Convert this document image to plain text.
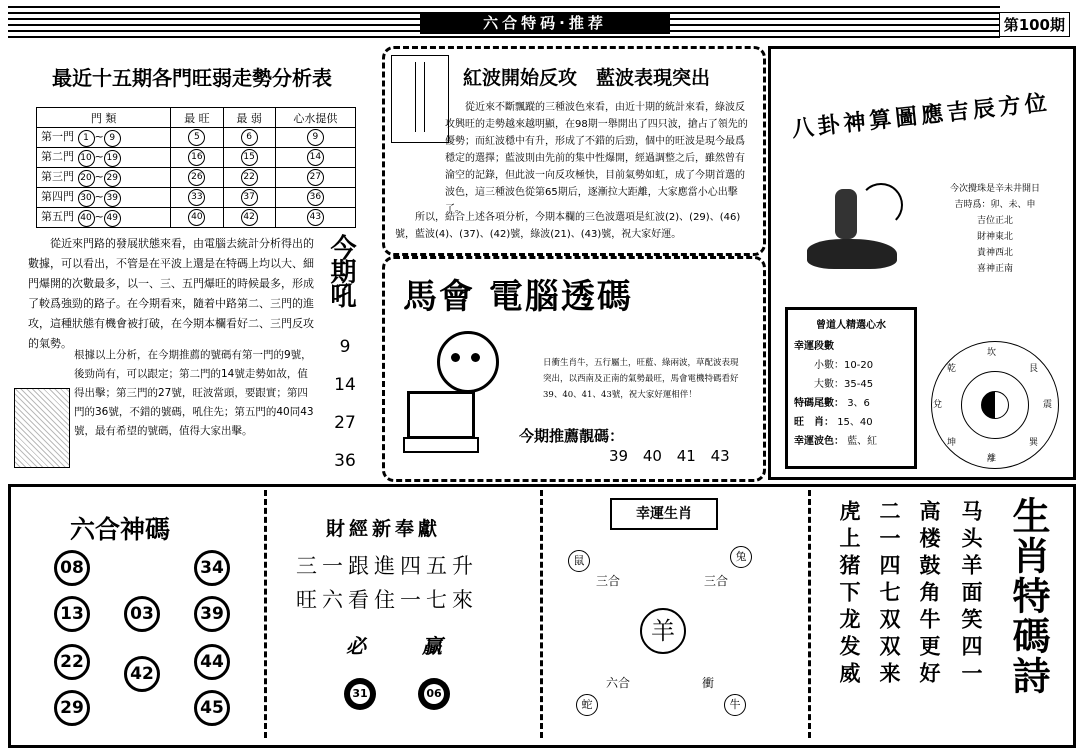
六合特码·推荐	第100期
最近十五期各門旺弱走勢分析表
門 類	最 旺	最 弱	心水提供
第一門 1 ~ 9	5	6	9
第二門 10 ~ 19	16	15	14
第三門 20 ~ 29	26	22	27
第四門 30 ~ 39	33	37	36
第五門 40 ~ 49	40	42	43
從近來門路的發展狀態來看，由電腦去統計分析得出的數據，可以看出，不管是在平波上還是在特碼上均以大、細門爆開的次數最多，以一、三、五門爆旺的時候最多，形成了較爲強勁的路子。在今期看來，隨着中路第二、三門的進攻，這種狀態有機會被打破，在今期本欄看好二、三門反攻的氣勢。
根據以上分析，在今期推薦的號碼有第一門的9號，後勁尚有，可以跟定；第二門的14號走勢如故，值得出擊；第三門的27號，旺波當頭，要跟實；第四門的36號，不錯的號碼，吼住先；第五門的40同43號，最有希望的號碼，值得大家出擊。
今期吼
9
14
27
36
紅波開始反攻　藍波表現突出
從近來不斷飄蹤的三種波色來看，由近十期的統計來看，綠波反攻興旺的走勢越來越明顯，在98期一舉開出了四只波，搶占了領先的優勢；而紅波穩中有升，形成了不錯的后勁，個中的旺波是現今最爲穩定的選擇；藍波則由先前的集中性爆開，經過調整之后，雖然曾有淪空的記錄，但此波一向反攻極快，目前氣勢如虹，成了今期首選的波色，這三種波色從第65期后，逐漸拉大距離，大家應當小心出擊了。
所以，結合上述各項分析，今期本欄的三色波選項是紅波(2)、(29)、(46)號，藍波(4)、(37)、(42)號，綠波(21)、(43)號，祝大家好運。
馬會 電腦透碼
日衝生肖牛，五行屬土，旺藍、綠兩波，草配波表現突出，以西南及正南的氣勢最旺，馬會電機特碼看好39、40、41、43號，祝大家好運相伴！
今期推薦靚碼：
39 40 41 43
八卦神算圖應吉辰方位
今次攪珠是辛未井開日
吉時爲：卯、未、申
吉位正北
財神東北
貴神西北
喜神正南
曾道人精選心水
幸運段數
小數：10-20
大數：35-45
特碼尾數： 3、6
旺　肖： 15、40
幸運波色： 藍、紅
坎
艮
震
巽
離
坤
兌
乾
六合神碼
08	34
13	03	39
22
42
44
29	45
財經新奉獻
三一跟進四五升
旺六看住一七來
必	贏
31	06
幸運生肖
鼠	兔
三合	三合
羊
六合	衝
蛇	牛
马头羊面笑四一
高楼鼓角牛更好
二一四七双双来
虎上猪下龙发威	生肖特碼詩
